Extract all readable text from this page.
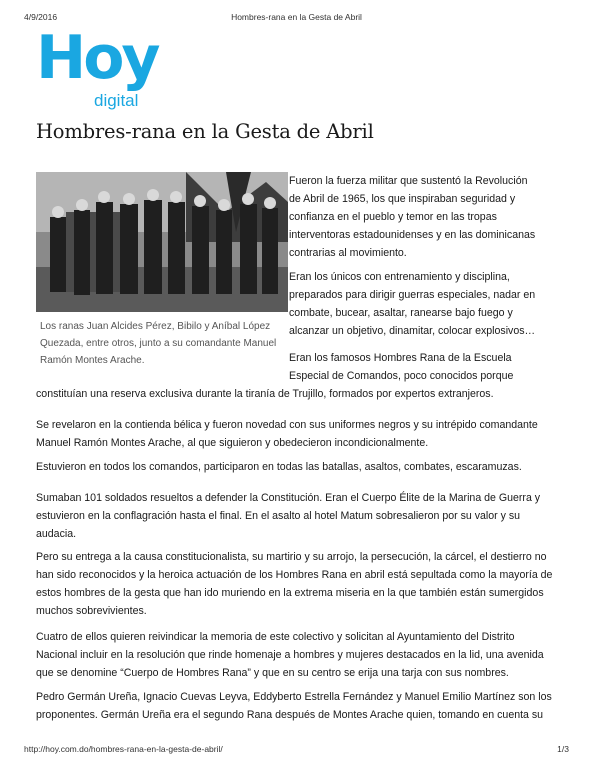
4/9/2016	Hombres-rana en la Gesta de Abril
Hoy
digital
Hombres-rana en la Gesta de Abril
Los ranas Juan Alcides Pérez, Bibilo y Aníbal López Quezada, entre otros, junto a su comandante Manuel Ramón Montes Arache.

Fueron la fuerza militar que sustentó la Revolución de Abril de 1965, los que inspiraban seguridad y confianza en el pueblo y temor en las tropas interventoras estadounidenses y en las dominicanas contrarias al movimiento.

Eran los únicos con entrenamiento y disciplina, preparados para dirigir guerras especiales, nadar en combate, bucear, asaltar, ranearse bajo fuego y alcanzar un objetivo, dinamitar, colocar explosivos…

Eran los famosos Hombres Rana de la Escuela Especial de Comandos, poco conocidos porque

constituían una reserva exclusiva durante la tiranía de Trujillo, formados por expertos extranjeros.

Se revelaron en la contienda bélica y fueron novedad con sus uniformes negros y su intrépido comandante Manuel Ramón Montes Arache, al que siguieron y obedecieron incondicionalmente.

Estuvieron en todos los comandos, participaron en todas las batallas, asaltos, combates, escaramuzas.

Sumaban 101 soldados resueltos a defender la Constitución. Eran el Cuerpo Élite de la Marina de Guerra y estuvieron en la conflagración hasta el final. En el asalto al hotel Matum sobresalieron por su valor y su audacia.

Pero su entrega a la causa constitucionalista, su martirio y su arrojo, la persecución, la cárcel, el destierro no han sido reconocidos y la heroica actuación de los Hombres Rana en abril está sepultada como la mayoría de estos hombres de la gesta que han ido muriendo en la extrema miseria en la que también están sumergidos muchos sobrevivientes.

Cuatro de ellos quieren reivindicar la memoria de este colectivo y solicitan al Ayuntamiento del Distrito Nacional incluir en la resolución que rinde homenaje a hombres y mujeres destacados en la lid, una avenida que se denomine “Cuerpo de Hombres Rana” y que en su centro se erija una tarja con sus nombres.

Pedro Germán Ureña, Ignacio Cuevas Leyva, Eddyberto Estrella Fernández y Manuel Emilio Martínez son los proponentes. Germán Ureña era el segundo Rana después de Montes Arache quien, tomando en cuenta su

http://hoy.com.do/hombres-rana-en-la-gesta-de-abril/	1/3
